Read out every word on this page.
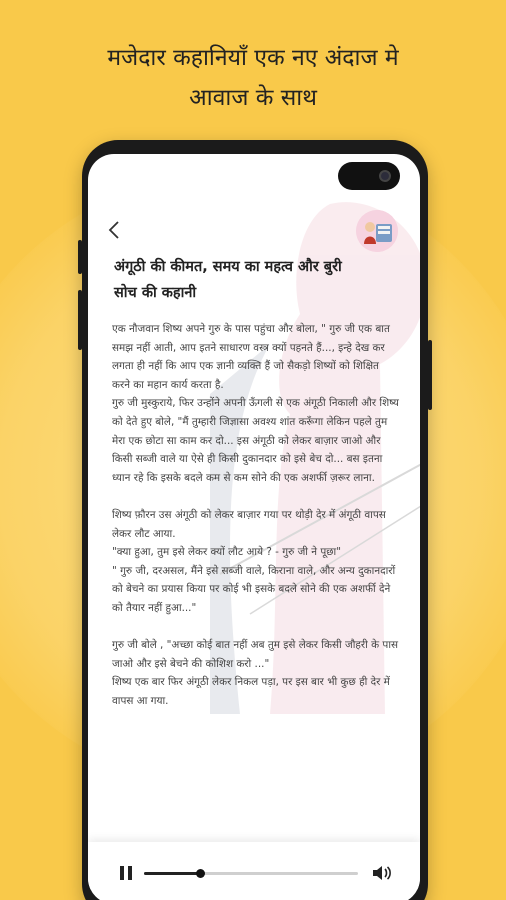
मजेदार कहानियाँ एक नए अंदाज मे
आवाज के साथ
अंगूठी की कीमत, समय का महत्व और बुरी सोच की कहानी
एक नौजवान शिष्य अपने गुरु के पास पहुंचा और बोला, " गुरु जी एक बात समझ नहीं आती, आप इतने साधारण वस्त्र क्यों पहनते हैं..., इन्हे देख कर लगता ही नहीं कि आप एक ज्ञानी व्यक्ति हैं जो सैकड़ो शिष्यों को शिक्षित करने का महान कार्य करता है.
गुरु जी मुस्कुराये, फिर उन्होंने अपनी ऊँगली से एक अंगूठी निकाली और शिष्य को देते हुए बोले, "मैं तुम्हारी जिज्ञासा अवश्य शांत करूँगा लेकिन पहले तुम मेरा एक छोटा सा काम कर दो... इस अंगूठी को लेकर बाज़ार जाओ और किसी सब्जी वाले या ऐसे ही किसी दुकानदार को इसे बेच दो... बस इतना ध्यान रहे कि इसके बदले कम से कम सोने की एक अशर्फी ज़रूर लाना.

शिष्य फ़ौरन उस अंगूठी को लेकर बाज़ार गया पर थोड़ी देर में अंगूठी वापस लेकर लौट आया.
"क्या हुआ, तुम इसे लेकर क्यों लौट आये ? - गुरु जी ने पूछा"
" गुरु जी, दरअसल, मैंने इसे सब्जी वाले, किराना वाले, और अन्य दुकानदारों को बेचने का प्रयास किया पर कोई भी इसके बदले सोने की एक अशर्फी देने को तैयार नहीं हुआ..."

गुरु जी बोले , "अच्छा कोई बात नहीं अब तुम इसे लेकर किसी जौहरी के पास जाओ और इसे बेचने की कोशिश करो ..."
शिष्य एक बार फिर अंगूठी लेकर निकल पड़ा, पर इस बार भी कुछ ही देर में वापस आ गया.
